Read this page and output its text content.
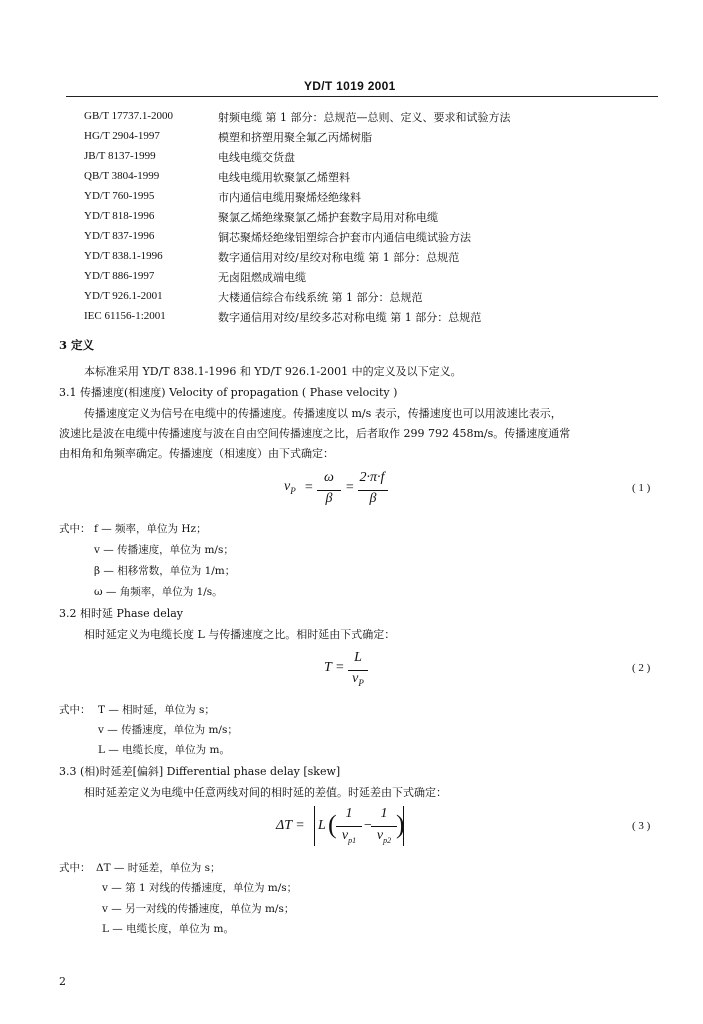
YD/T 1019 2001
GB/T 17737.1-2000	射频电缆 第 1 部分：总规范—总则、定义、要求和试验方法
HG/T 2904-1997	模塑和挤塑用聚全氟乙丙烯树脂
JB/T 8137-1999	电线电缆交货盘
QB/T 3804-1999	电线电缆用软聚氯乙烯塑料
YD/T 760-1995	市内通信电缆用聚烯烃绝缘料
YD/T 818-1996	聚氯乙烯绝缘聚氯乙烯护套数字局用对称电缆
YD/T 837-1996	铜芯聚烯烃绝缘铝塑综合护套市内通信电缆试验方法
YD/T 838.1-1996	数字通信用对绞/星绞对称电缆 第 1 部分：总规范
YD/T 886-1997	无卤阻燃成端电缆
YD/T 926.1-2001	大楼通信综合布线系统 第 1 部分：总规范
IEC 61156-1:2001	数字通信用对绞/星绞多芯对称电缆 第 1 部分：总规范
3 定义
本标准采用 YD/T 838.1-1996 和 YD/T 926.1-2001 中的定义及以下定义。
3.1 传播速度(相速度) Velocity of propagation ( Phase velocity )
传播速度定义为信号在电缆中的传播速度。传播速度以 m/s 表示，传播速度也可以用波速比表示，
波速比是波在电缆中传播速度与波在自由空间传播速度之比，后者取作 299 792 458m/s。传播速度通常
由相角和角频率确定。传播速度（相速度）由下式确定：
$v_P$ =
ω
β
=
2·π·f
β
( 1 )
式中： f — 频率，单位为 Hz；
v — 传播速度，单位为 m/s；
β — 相移常数，单位为 1/m；
ω — 角频率，单位为 1/s。
3.2 相时延 Phase delay
相时延定义为电缆长度 L 与传播速度之比。相时延由下式确定：
T =
L
$v_P$
( 2 )
式中： T — 相时延，单位为 s；
v — 传播速度，单位为 m/s；
L — 电缆长度，单位为 m。
3.3 (相)时延差[偏斜] Differential phase delay [skew]
相时延差定义为电缆中任意两线对间的相时延的差值。时延差由下式确定：
ΔT = L ( 1
$v_{p1}$
−
1
$v_{p2}$
)	( 3 )
式中： ΔT — 时延差，单位为 s；
v — 第 1 对线的传播速度，单位为 m/s；
v — 另一对线的传播速度，单位为 m/s；
L — 电缆长度，单位为 m。
2
